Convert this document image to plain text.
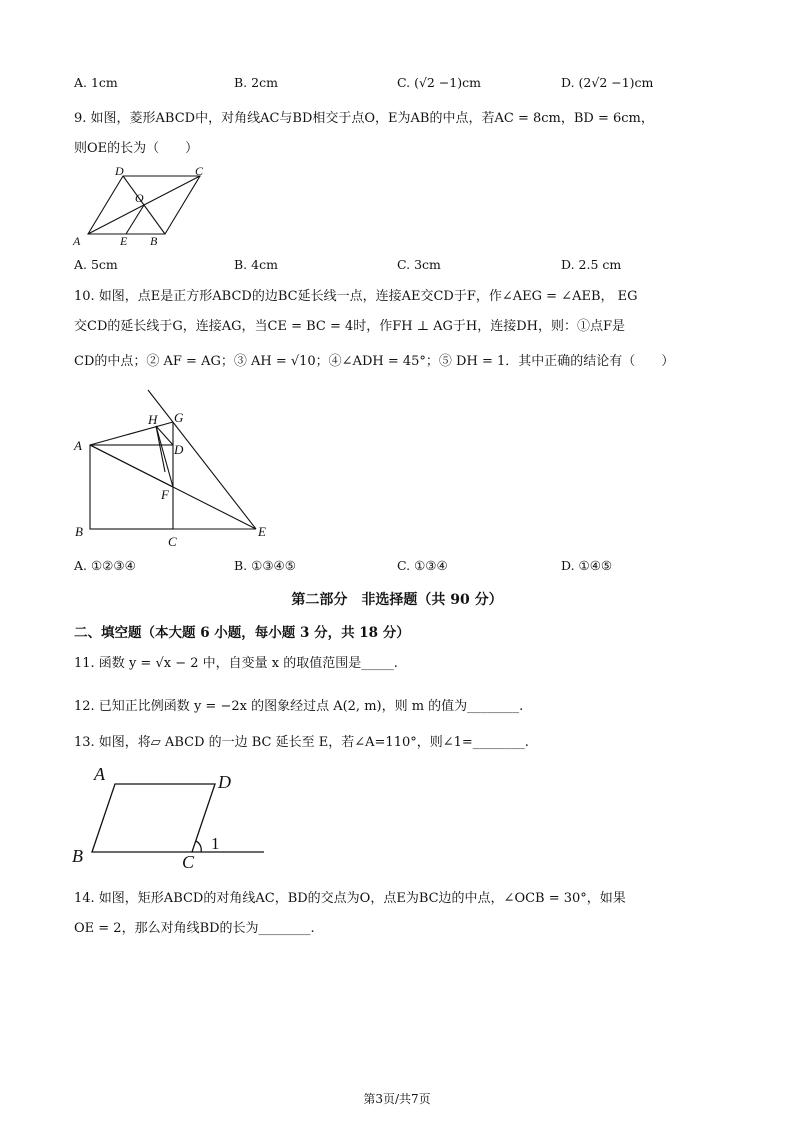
A. 1cm	B. 2cm	C. (√2 −1)cm	D. (2√2 −1)cm
9. 如图，菱形ABCD中，对角线AC与BD相交于点O，E为AB的中点，若AC = 8cm，BD = 6cm，
则OE的长为（　　）
D	C
O
A	E B
A. 5cm	B. 4cm	C. 3cm	D. 2.5 cm
10. 如图，点E是正方形ABCD的边BC延长线一点，连接AE交CD于F，作∠AEG = ∠AEB， EG
交CD的延长线于G，连接AG，当CE = BC = 4时，作FH ⊥ AG于H，连接DH，则：①点F是
CD的中点；② AF = AG；③ AH = √10；④∠ADH = 45°；⑤ DH = 1．其中正确的结论有（　　）
H G
A	D
F
B
C
E
A. ①②③④	B. ①③④⑤	C. ①③④	D. ①④⑤
第二部分　非选择题（共 90 分）
二、填空题（本大题 6 小题，每小题 3 分，共 18 分）
11. 函数 y = √x − 2 中，自变量 x 的取值范围是_____.
12. 已知正比例函数 y = −2x 的图象经过点 A(2, m)，则 m 的值为________.
13. 如图，将▱ ABCD 的一边 BC 延长至 E，若∠A=110°，则∠1=________.
A	D
B	C
1
14. 如图，矩形ABCD的对角线AC，BD的交点为O，点E为BC边的中点，∠OCB = 30°，如果
OE = 2，那么对角线BD的长为________.
第3页/共7页
